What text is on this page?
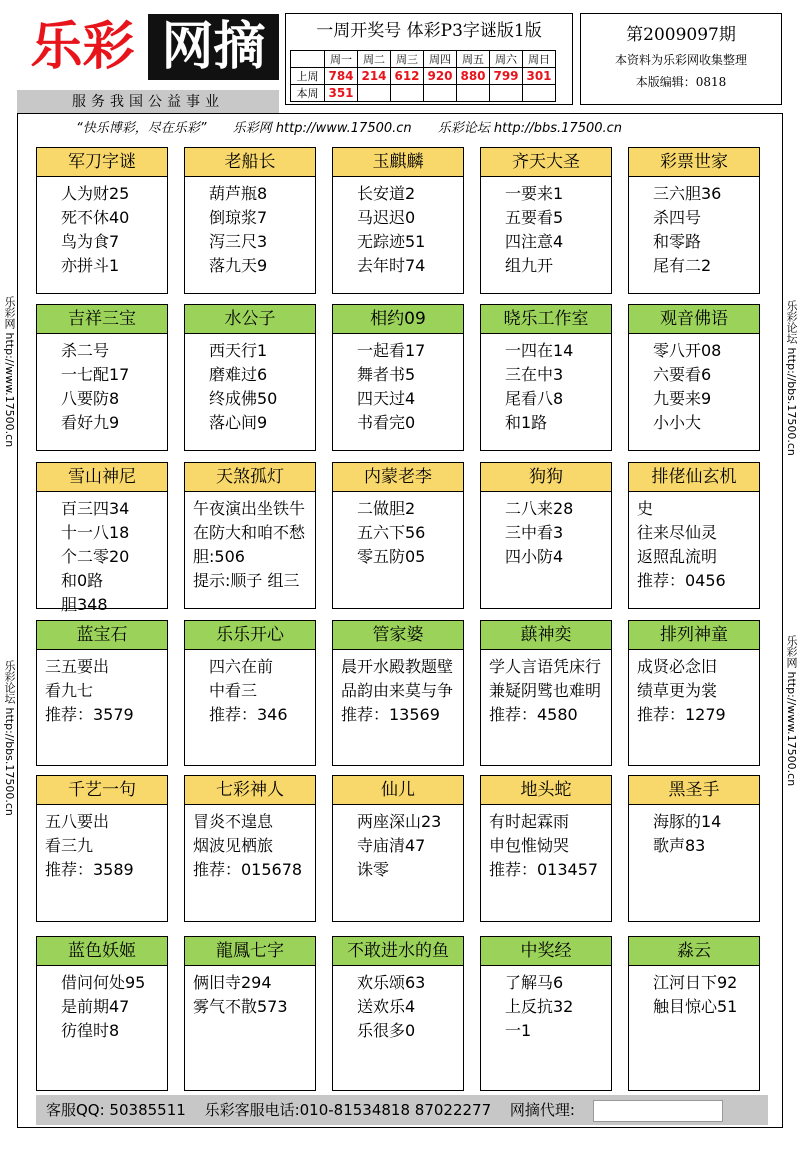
乐彩 网摘
服务我国公益事业
一周开奖号 体彩P3字谜版1版
	周一	周二	周三	周四	周五	周六	周日
上周	784	214	612	920	880	799	301
本周	351						
第2009097期
本资料为乐彩网收集整理
本版编辑：0818
乐彩网 http://www.17500.cn
乐彩论坛 http://bbs.17500.cn
乐彩论坛 http://bbs.17500.cn
乐彩网 http://www.17500.cn
“快乐博彩，尽在乐彩” 乐彩网 http://www.17500.cn 乐彩论坛 http://bbs.17500.cn
军刀字谜
人为财25
死不休40
鸟为食7
亦拼斗1
老船长
葫芦瓶8
倒琼浆7
泻三尺3
落九天9
玉麒麟
长安道2
马迟迟0
无踪迹51
去年时74
齐天大圣
一要来1
五要看5
四注意4
组九开
彩票世家
三六胆36
杀四号
和零路
尾有二2
吉祥三宝
杀二号
一七配17
八要防8
看好九9
水公子
西天行1
磨难过6
终成佛50
落心间9
相约09
一起看17
舞者书5
四天过4
书看完0
晓乐工作室
一四在14
三在中3
尾看八8
和1路
观音佛语
零八开08
六要看6
九要来9
小小大
雪山神尼
百三四34
十一八18
个二零20
和0路
胆348
天煞孤灯
午夜演出坐铁牛
在防大和咱不愁
胆:506
提示:顺子 组三
内蒙老李
二做胆2
五六下56
零五防05
狗狗
二八来28
三中看3
四小防4
排佬仙玄机
史
往来尽仙灵
返照乱流明
推荐：0456
蓝宝石
三五要出
看九七
推荐：3579
乐乐开心
四六在前
中看三
推荐：346
管家婆
晨开水殿教题壁
品韵由来莫与争
推荐：13569
蕻神奕
学人言语凭床行
兼疑阴骘也难明
推荐：4580
排列神童
成贤必念旧
绩草更为裳
推荐：1279
千艺一句
五八要出
看三九
推荐：3589
七彩神人
冒炎不遑息
烟波见栖旅
推荐：015678
仙儿
两座深山23
寺庙清47
诛零
地头蛇
有时起霖雨
申包惟恸哭
推荐：013457
黑圣手
海豚的14
歌声83
蓝色妖姬
借问何处95
是前期47
彷徨时8
龍鳳七字
俩旧寺294
雾气不散573
不敢进水的鱼
欢乐颂63
送欢乐4
乐很多0
中奖经
了解马6
上反抗32
一1
淼云
江河日下92
触目惊心51
客服QQ: 50385511 乐彩客服电话:010-81534818 87022277 网摘代理:
